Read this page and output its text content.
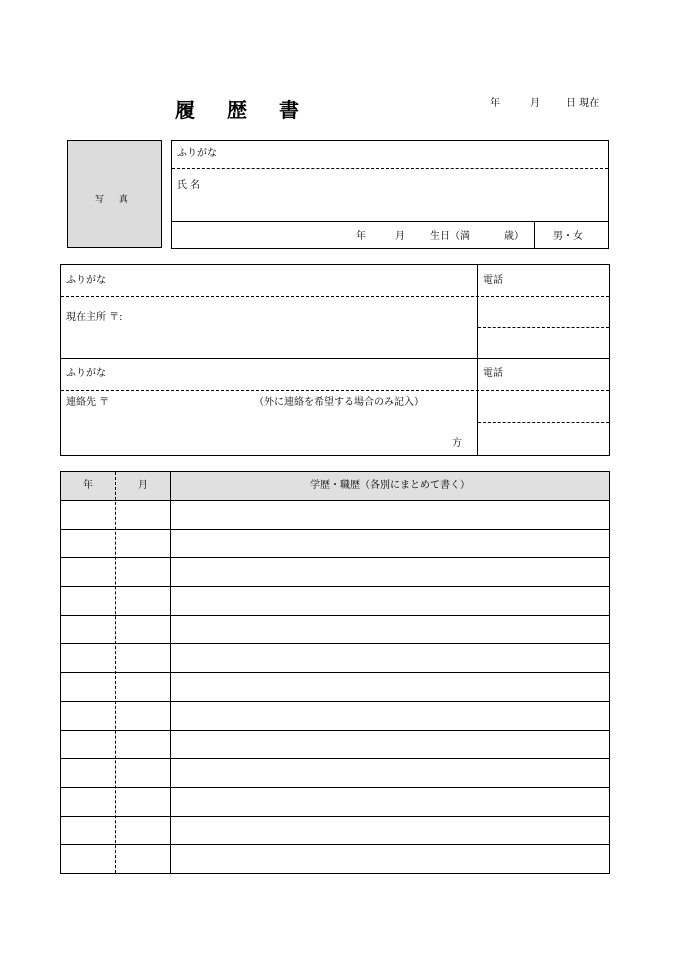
履歴書	年	月	日 現在
写 真
ふりがな
氏 名
年	月	生日（満	歳）	男・女
ふりがな	電話
現在主所 〒:
ふりがな	電話
連絡先 〒	（外に連絡を希望する場合のみ記入）
方
年	月	学歴・職歴（各別にまとめて書く）
